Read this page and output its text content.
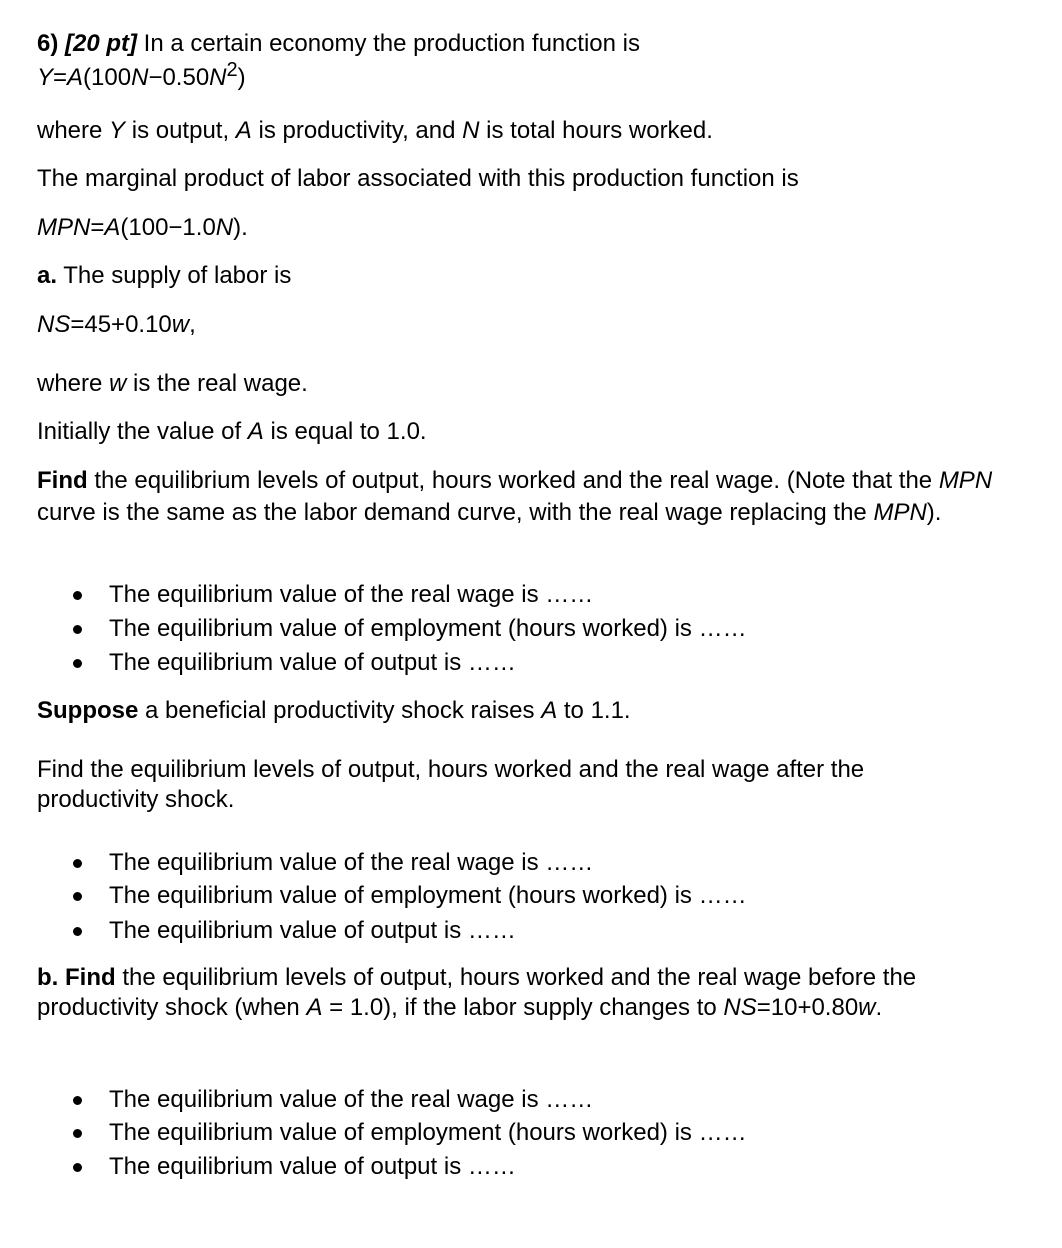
6) [20 pt] In a certain economy the production function is
$Y=A(100N-0.50N^2)$
where Y is output, A is productivity, and N is total hours worked.
The marginal product of labor associated with this production function is
MPN=A(100−1.0N).
a. The supply of labor is
NS=45+0.10w,
where w is the real wage.
Initially the value of A is equal to 1.0.
Find the equilibrium levels of output, hours worked and the real wage. (Note that the MPN curve is the same as the labor demand curve, with the real wage replacing the MPN).
The equilibrium value of the real wage is ……
The equilibrium value of employment (hours worked) is ……
The equilibrium value of output is ……
Suppose a beneficial productivity shock raises A to 1.1.
Find the equilibrium levels of output, hours worked and the real wage after the productivity shock.
The equilibrium value of the real wage is ……
The equilibrium value of employment (hours worked) is ……
The equilibrium value of output is ……
b. Find the equilibrium levels of output, hours worked and the real wage before the productivity shock (when A = 1.0), if the labor supply changes to NS=10+0.80w.
The equilibrium value of the real wage is ……
The equilibrium value of employment (hours worked) is ……
The equilibrium value of output is ……
